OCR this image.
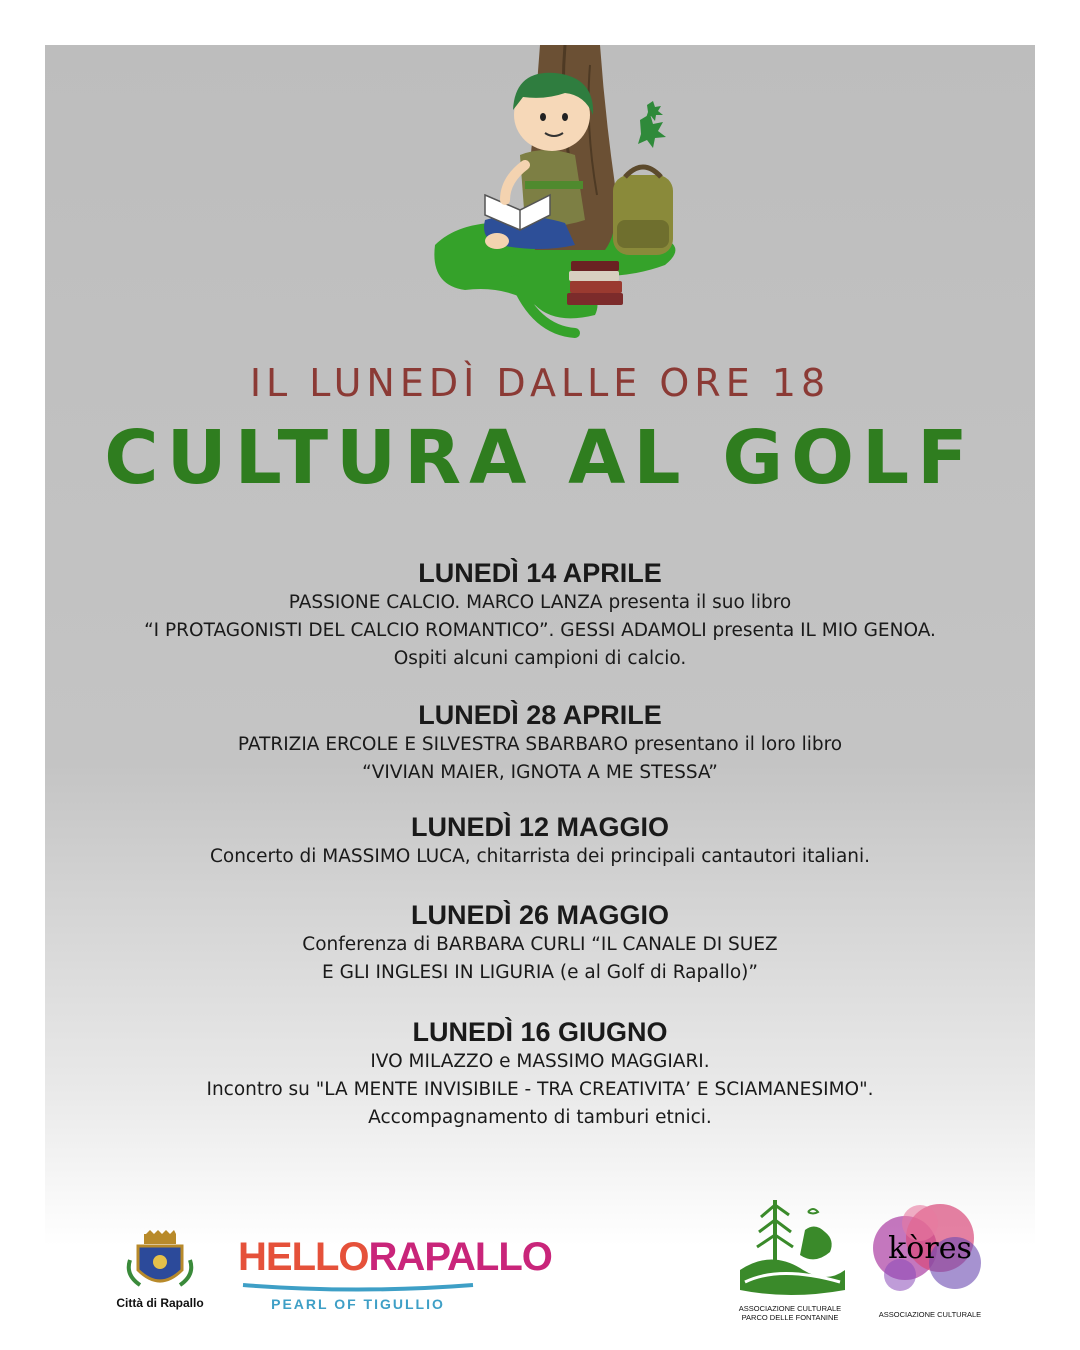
IL LUNEDÌ DALLE ORE 18
CULTURA AL GOLF
LUNEDÌ 14 APRILE
PASSIONE CALCIO. MARCO LANZA presenta il suo libro
“I PROTAGONISTI DEL CALCIO ROMANTICO”. GESSI ADAMOLI presenta IL MIO GENOA.
Ospiti alcuni campioni di calcio.
LUNEDÌ 28 APRILE
PATRIZIA ERCOLE E SILVESTRA SBARBARO presentano il loro libro
“VIVIAN MAIER, IGNOTA A ME STESSA”
LUNEDÌ 12 MAGGIO
Concerto di MASSIMO LUCA, chitarrista dei principali cantautori italiani.
LUNEDÌ 26 MAGGIO
Conferenza di BARBARA CURLI “IL CANALE DI SUEZ
E GLI INGLESI IN LIGURIA (e al Golf di Rapallo)”
LUNEDÌ 16 GIUGNO
IVO MILAZZO e MASSIMO MAGGIARI.
Incontro su "LA MENTE INVISIBILE - TRA CREATIVITA’ E SCIAMANESIMO".
Accompagnamento di tamburi etnici.
Città di Rapallo
HELLORAPALLO
PEARL OF TIGULLIO	ASSOCIAZIONE CULTURALE
PARCO DELLE FONTANINE
kòres
ASSOCIAZIONE CULTURALE
